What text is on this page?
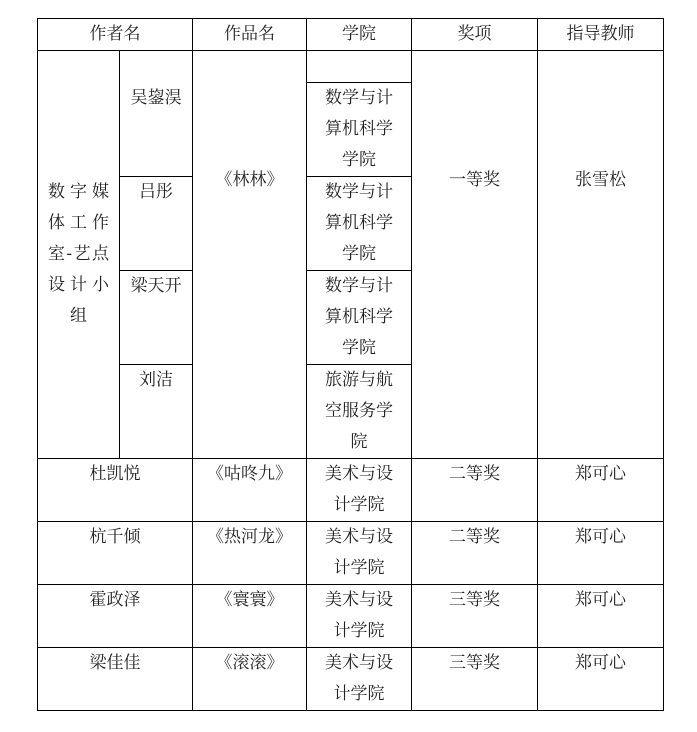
作者名		作品名	学院	奖项	指导教师

数字媒体工作室-艺点设计小组	吴鋆淏	《林林》		一等奖	张雪松

			数学与计算机科学学院		

	吕彤		数学与计算机科学学院		

	梁天开		数学与计算机科学学院		

	刘洁		旅游与航空服务学院		

杜凯悦		《咕咚九》	美术与设计学院	二等奖	郑可心
杭千倾		《热河龙》	美术与设计学院	二等奖	郑可心
霍政泽		《寰寰》	美术与设计学院	三等奖	郑可心
梁佳佳		《滚滚》	美术与设计学院	三等奖	郑可心
